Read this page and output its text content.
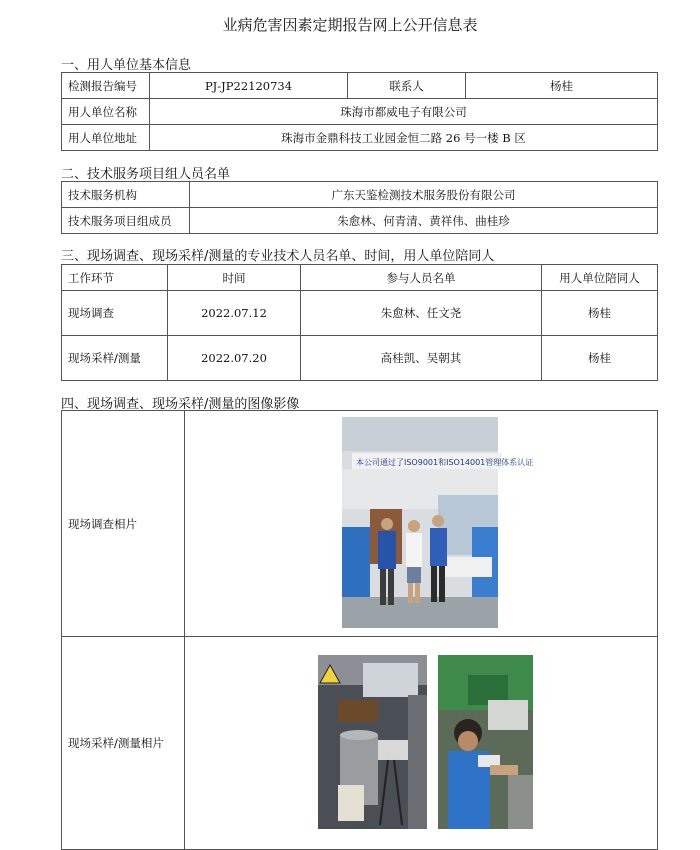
业病危害因素定期报告网上公开信息表
一、用人单位基本信息
检测报告编号	PJ-JP22120734	联系人	杨桂
用人单位名称	珠海市都威电子有限公司		
用人单位地址	珠海市金鼎科技工业园金恒二路 26 号一楼 B 区		
二、技术服务项目组人员名单
技术服务机构	广东天鉴检测技术服务股份有限公司
技术服务项目组成员	朱愈林、何青清、黄祥伟、曲桂珍
三、现场调查、现场采样/测量的专业技术人员名单、时间，用人单位陪同人
工作环节	时间	参与人员名单	用人单位陪同人
现场调查	2022.07.12	朱愈林、任文尧	杨桂
现场采样/测量	2022.07.20	高桂凯、吴朝其	杨桂
四、现场调查、现场采样/测量的图像影像
现场调查相片	
现场采样/测量相片	
本公司通过了ISO9001和ISO14001管理体系认证
